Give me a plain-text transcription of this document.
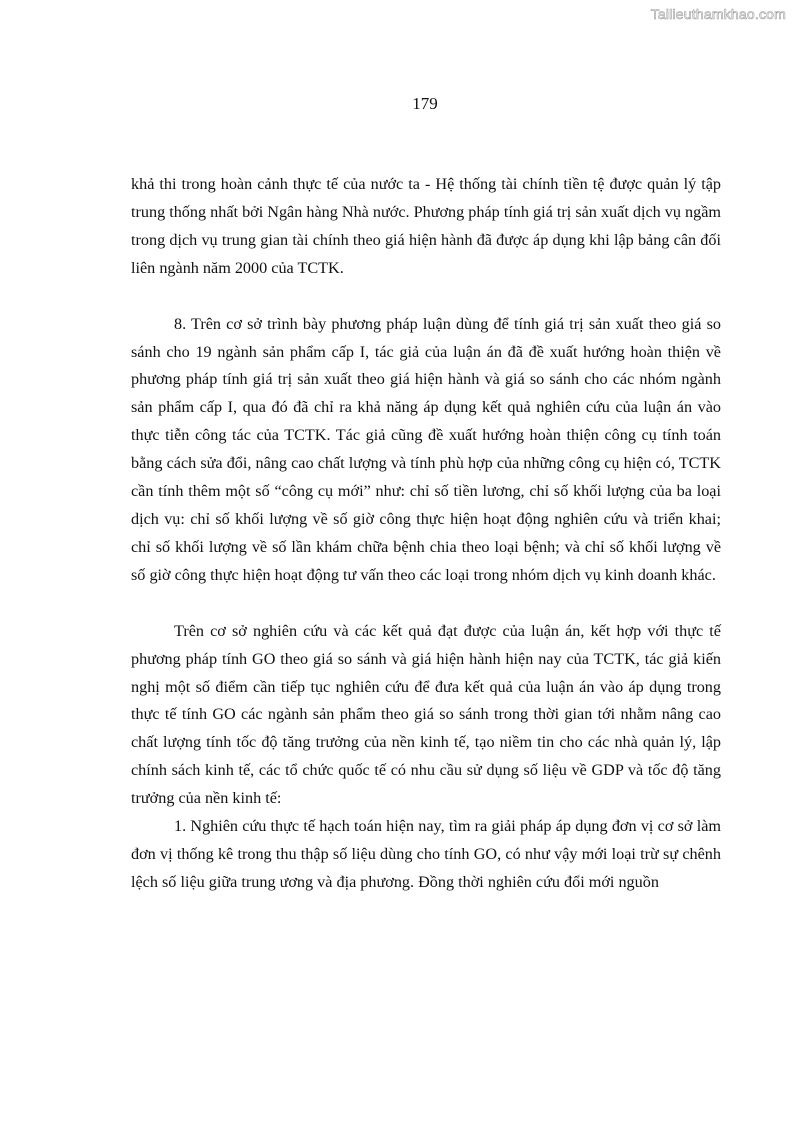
Tailieuthamkhao.com
179

khả thi trong hoàn cảnh thực tế của nước ta - Hệ thống tài chính tiền tệ được quản lý tập trung thống nhất bởi Ngân hàng Nhà nước. Phương pháp tính giá trị sản xuất dịch vụ ngầm trong dịch vụ trung gian tài chính theo giá hiện hành đã được áp dụng khi lập bảng cân đối liên ngành năm 2000 của TCTK.

8. Trên cơ sở trình bày phương pháp luận dùng để tính giá trị sản xuất theo giá so sánh cho 19 ngành sản phẩm cấp I, tác giả của luận án đã đề xuất hướng hoàn thiện về phương pháp tính giá trị sản xuất theo giá hiện hành và giá so sánh cho các nhóm ngành sản phẩm cấp I, qua đó đã chỉ ra khả năng áp dụng kết quả nghiên cứu của luận án vào thực tiễn công tác của TCTK. Tác giả cũng đề xuất hướng hoàn thiện công cụ tính toán bằng cách sửa đổi, nâng cao chất lượng và tính phù hợp của những công cụ hiện có, TCTK cần tính thêm một số “công cụ mới” như: chỉ số tiền lương, chỉ số khối lượng của ba loại dịch vụ: chỉ số khối lượng về số giờ công thực hiện hoạt động nghiên cứu và triển khai; chỉ số khối lượng về số lần khám chữa bệnh chia theo loại bệnh; và chỉ số khối lượng về số giờ công thực hiện hoạt động tư vấn theo các loại trong nhóm dịch vụ kinh doanh khác.

Trên cơ sở nghiên cứu và các kết quả đạt được của luận án, kết hợp với thực tế phương pháp tính GO theo giá so sánh và giá hiện hành hiện nay của TCTK, tác giả kiến nghị một số điểm cần tiếp tục nghiên cứu để đưa kết quả của luận án vào áp dụng trong thực tế tính GO các ngành sản phẩm theo giá so sánh trong thời gian tới nhằm nâng cao chất lượng tính tốc độ tăng trưởng của nền kinh tế, tạo niềm tin cho các nhà quản lý, lập chính sách kinh tế, các tổ chức quốc tế có nhu cầu sử dụng số liệu về GDP và tốc độ tăng trưởng của nền kinh tế:

1. Nghiên cứu thực tế hạch toán hiện nay, tìm ra giải pháp áp dụng đơn vị cơ sở làm đơn vị thống kê trong thu thập số liệu dùng cho tính GO, có như vậy mới loại trừ sự chênh lệch số liệu giữa trung ương và địa phương. Đồng thời nghiên cứu đổi mới nguồn
